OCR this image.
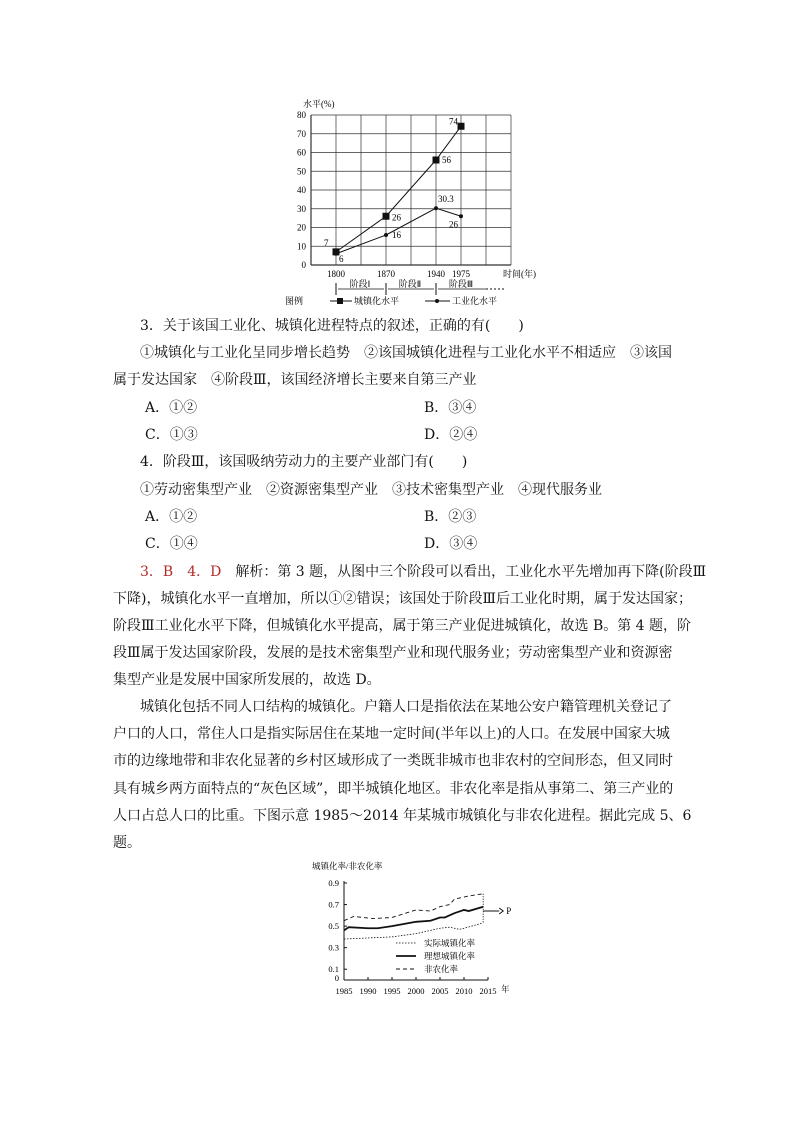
0
10
20
30
40
50
60
70
80
水平(%)
1800	1870	1940 1975	时间(年)
7
26
56
74
6
16
30.3
26
阶段Ⅰ	阶段Ⅱ	阶段Ⅲ
图例	城镇化水平	工业化水平
3．关于该国工业化、城镇化进程特点的叙述，正确的有(　　)
①城镇化与工业化呈同步增长趋势　②该国城镇化进程与工业化水平不相适应　③该国
属于发达国家　④阶段Ⅲ，该国经济增长主要来自第三产业
A．①②	B．③④
C．①③	D．②④
4．阶段Ⅲ，该国吸纳劳动力的主要产业部门有(　　)
①劳动密集型产业　②资源密集型产业　③技术密集型产业　④现代服务业
A．①②	B．②③
C．①④	D．③④
3．B　4．D　 解析：第 3 题，从图中三个阶段可以看出，工业化水平先增加再下降(阶段Ⅲ
下降)，城镇化水平一直增加，所以①②错误；该国处于阶段Ⅲ后工业化时期，属于发达国家；
阶段Ⅲ工业化水平下降，但城镇化水平提高，属于第三产业促进城镇化，故选 B。第 4 题，阶
段Ⅲ属于发达国家阶段，发展的是技术密集型产业和现代服务业；劳动密集型产业和资源密
集型产业是发展中国家所发展的，故选 D。
城镇化包括不同人口结构的城镇化。户籍人口是指依法在某地公安户籍管理机关登记了
户口的人口，常住人口是指实际居住在某地一定时间(半年以上)的人口。在发展中国家大城
市的边缘地带和非农化显著的乡村区域形成了一类既非城市也非农村的空间形态，但又同时
具有城乡两方面特点的“灰色区域”，即半城镇化地区。非农化率是指从事第二、第三产业的
人口占总人口的比重。下图示意 1985～2014 年某城市城镇化与非农化进程。据此完成 5、6
题。
城镇化率/非农化率
0
0.1
0.3
0.5
0.7
0.9
1985 1990 1995 2000 2005 2010 2015 年
实际城镇化率
理想城镇化率
非农化率
P
